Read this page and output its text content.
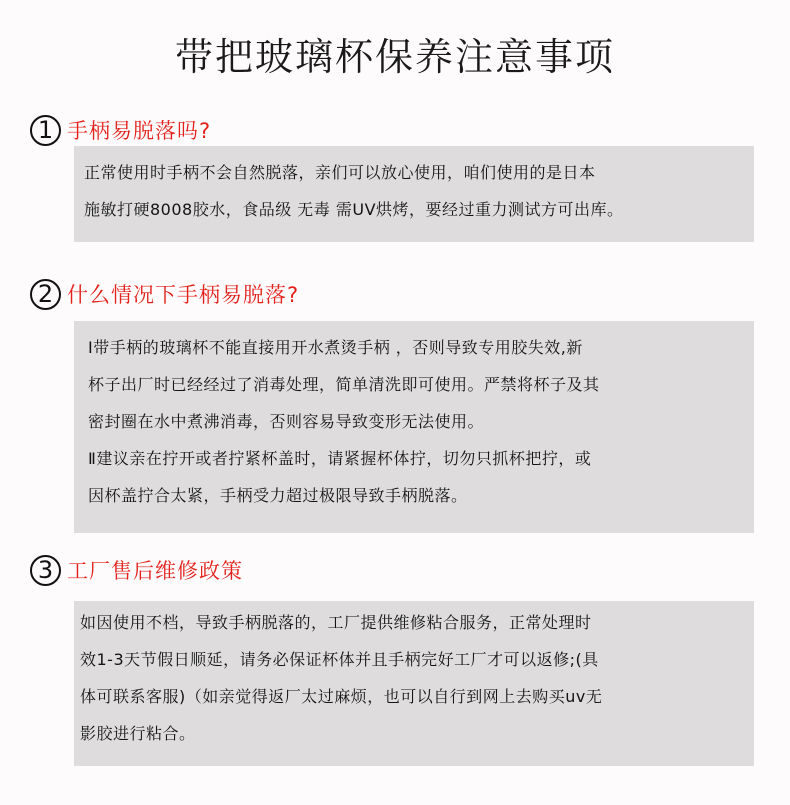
带把玻璃杯保养注意事项
1 手柄易脱落吗?
正常使用时手柄不会自然脱落，亲们可以放心使用，咱们使用的是日本
施敏打硬8008胶水，食品级 无毒 需UV烘烤，要经过重力测试方可出库。
2 什么情况下手柄易脱落?
Ⅰ带手柄的玻璃杯不能直接用开水煮烫手柄 ，否则导致专用胶失效,新
杯子出厂时已经经过了消毒处理，简单清洗即可使用。严禁将杯子及其
密封圈在水中煮沸消毒，否则容易导致变形无法使用。
Ⅱ建议亲在拧开或者拧紧杯盖时，请紧握杯体拧，切勿只抓杯把拧，或
因杯盖拧合太紧，手柄受力超过极限导致手柄脱落。
3 工厂售后维修政策
如因使用不档，导致手柄脱落的，工厂提供维修粘合服务，正常处理时
效1-3天节假日顺延，请务必保证杯体并且手柄完好工厂才可以返修;(具
体可联系客服)（如亲觉得返厂太过麻烦，也可以自行到网上去购买uv无
影胶进行粘合。
